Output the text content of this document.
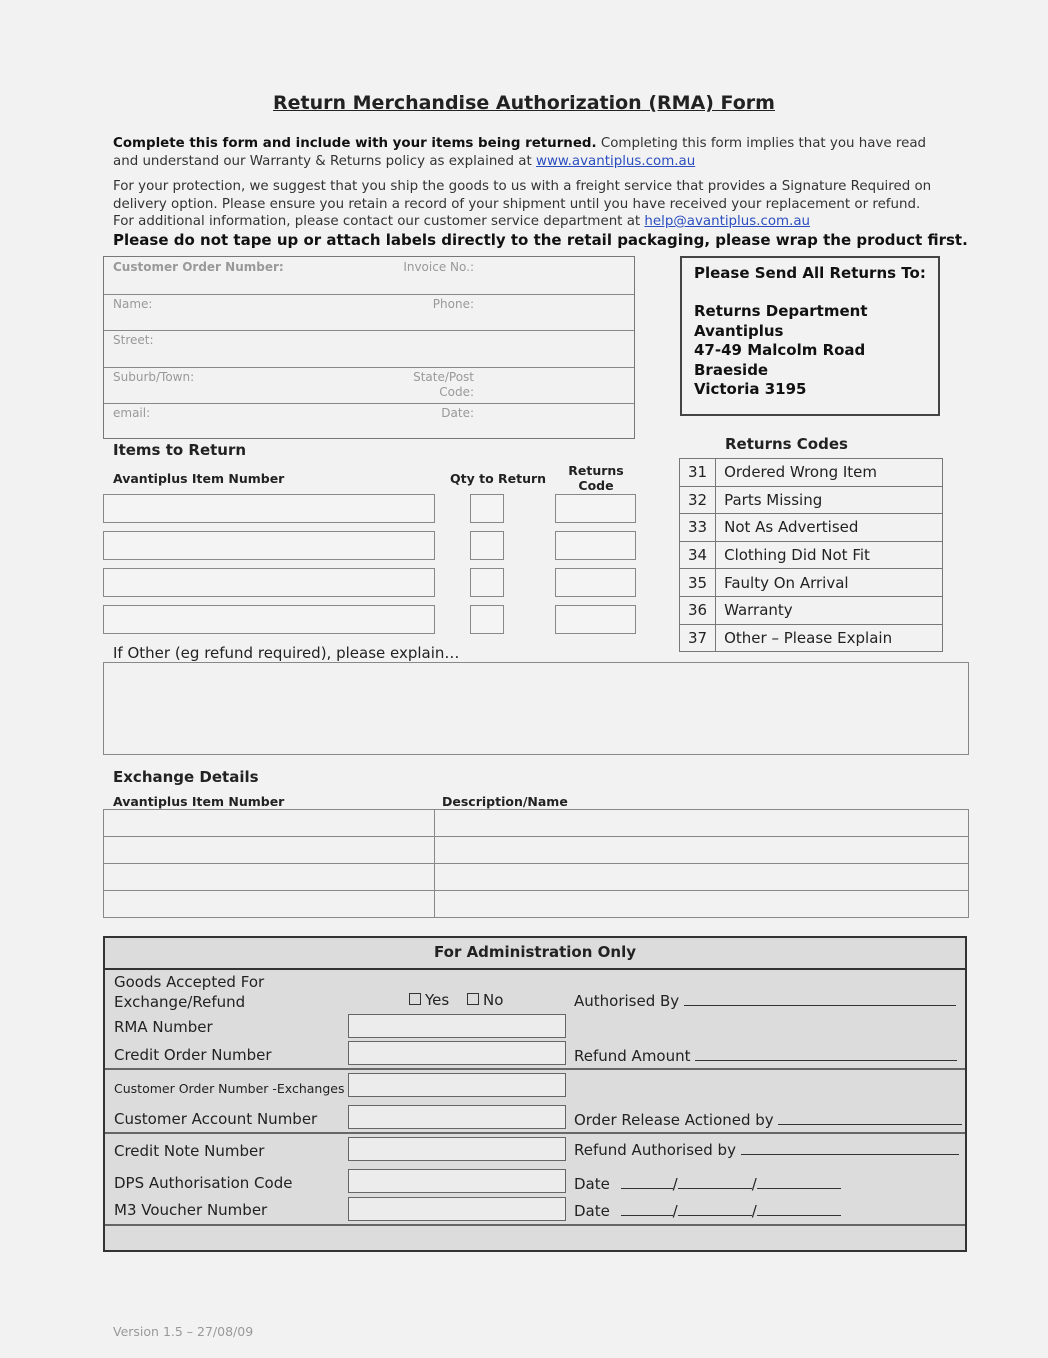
Return Merchandise Authorization (RMA) Form
Complete this form and include with your items being returned. Completing this form implies that you have read and understand our Warranty & Returns policy as explained at www.avantiplus.com.au
For your protection, we suggest that you ship the goods to us with a freight service that provides a Signature Required on delivery option. Please ensure you retain a record of your shipment until you have received your replacement or refund. For additional information, please contact our customer service department at help@avantiplus.com.au
Please do not tape up or attach labels directly to the retail packaging, please wrap the product first.
Customer Order Number:	Invoice No.:
Name:	Phone:
Street:
Suburb/Town:	State/Post
Code:
email:	Date:
Please Send All Returns To:
Returns Department
Avantiplus
47-49 Malcolm Road
Braeside
Victoria 3195
Items to Return
Avantiplus Item Number	Qty to Return
Returns
Code
Returns Codes
31	Ordered Wrong Item
32	Parts Missing
33	Not As Advertised
34	Clothing Did Not Fit
35	Faulty On Arrival
36	Warranty
37	Other – Please Explain
If Other (eg refund required), please explain…
Exchange Details
Avantiplus Item Number	Description/Name

For Administration Only
Goods Accepted For
Exchange/Refund	Yes	No	Authorised By
RMA Number
Credit Order Number	Refund Amount
Customer Order Number -Exchanges
Customer Account Number	Order Release Actioned by
Credit Note Number	Refund Authorised by
DPS Authorisation Code	Date	/	/
M3 Voucher Number	Date	/	/
Version 1.5 – 27/08/09
